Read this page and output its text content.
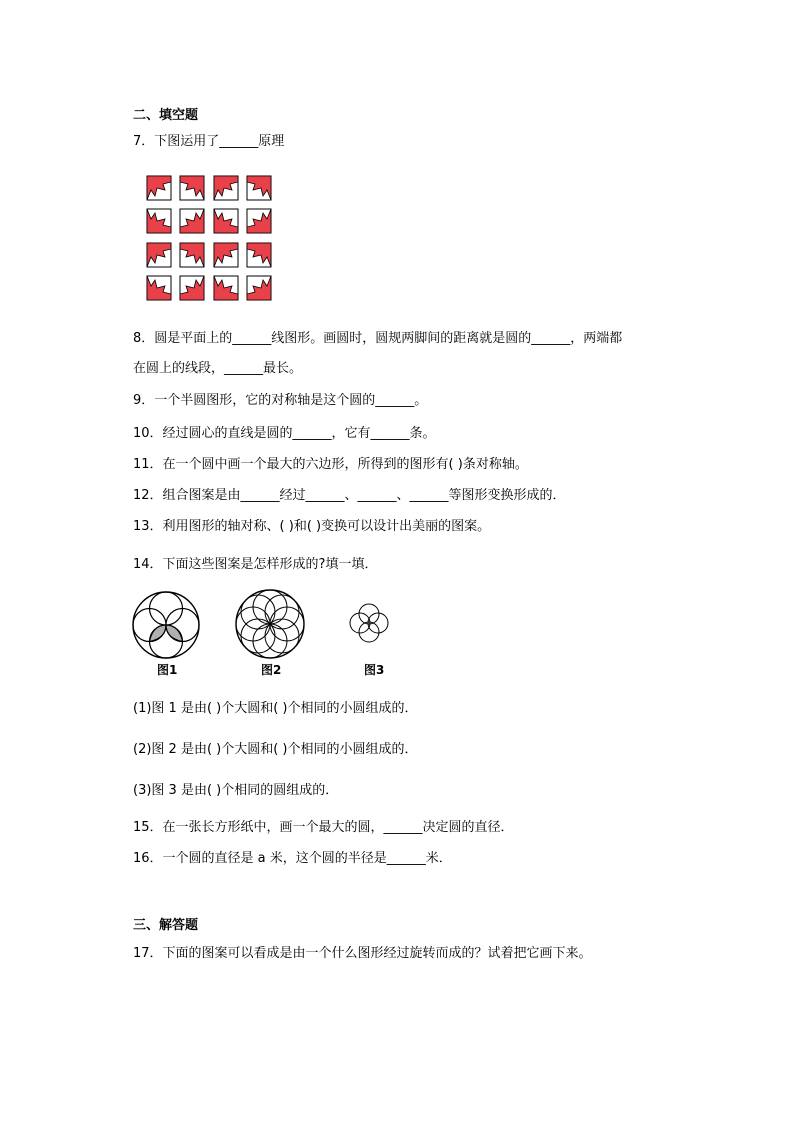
二、填空题
7．下图运用了______原理
8．圆是平面上的______线图形。画圆时，圆规两脚间的距离就是圆的______，两端都
在圆上的线段，______最长。
9．一个半圆图形，它的对称轴是这个圆的______。
10．经过圆心的直线是圆的______，它有______条。
11．在一个圆中画一个最大的六边形，所得到的图形有( )条对称轴。
12．组合图案是由______经过______、______、______等图形变换形成的．
13．利用图形的轴对称、( )和( )变换可以设计出美丽的图案。
14．下面这些图案是怎样形成的?填一填．
图1	图2	图3
(1)图 1 是由( )个大圆和( )个相同的小圆组成的．
(2)图 2 是由( )个大圆和( )个相同的小圆组成的．
(3)图 3 是由( )个相同的圆组成的．
15．在一张长方形纸中，画一个最大的圆，______决定圆的直径．
16．一个圆的直径是 a 米，这个圆的半径是______米．
三、解答题
17．下面的图案可以看成是由一个什么图形经过旋转而成的？试着把它画下来。
